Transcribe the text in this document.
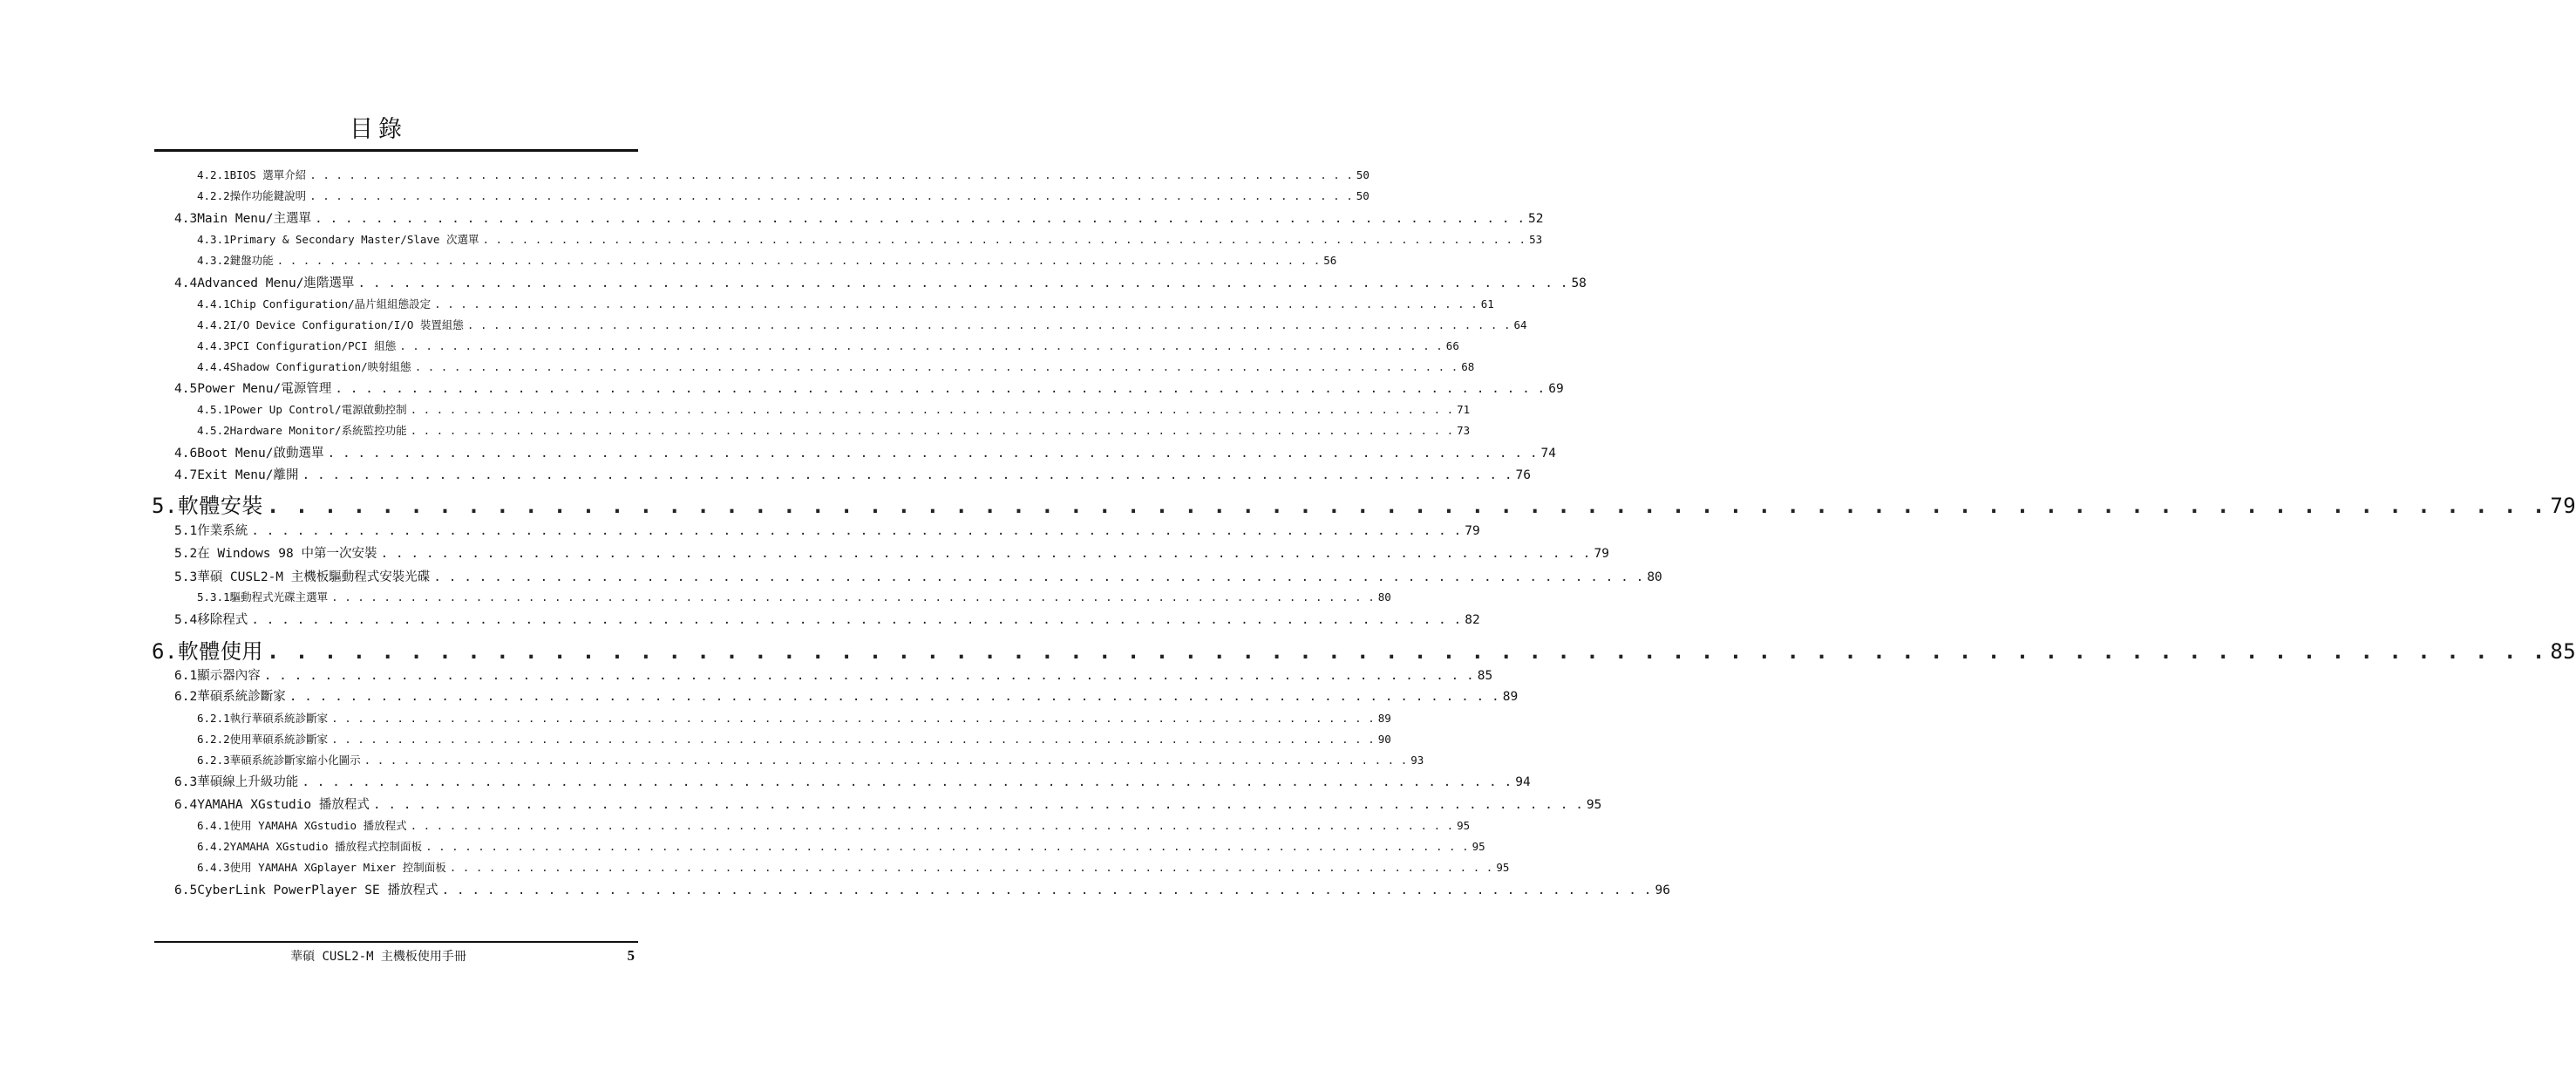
目錄
4.2.1 BIOS 選單介紹 . . . . . . . . . . . . . . . . . . . . . . . . . . . . . . . . . . . . . . . . . . . . . . . . . . . . . . . . . . . . . . . . . . . . . . . . . . . . . . . . 50
4.2.2 操作功能鍵說明 . . . . . . . . . . . . . . . . . . . . . . . . . . . . . . . . . . . . . . . . . . . . . . . . . . . . . . . . . . . . . . . . . . . . . . . . . . . . . . . . 50
4.3 Main Menu/主選單 . . . . . . . . . . . . . . . . . . . . . . . . . . . . . . . . . . . . . . . . . . . . . . . . . . . . . . . . . . . . . . . . . . . . . . . . . . . . . . . . 52
4.3.1 Primary & Secondary Master/Slave 次選單 . . . . . . . . . . . . . . . . . . . . . . . . . . . . . . . . . . . . . . . . . . . . . . . . . . . . . . . . . . . . . . . . . . . . . . . . . . . . . . . . 53
4.3.2 鍵盤功能 . . . . . . . . . . . . . . . . . . . . . . . . . . . . . . . . . . . . . . . . . . . . . . . . . . . . . . . . . . . . . . . . . . . . . . . . . . . . . . . . 56
4.4 Advanced Menu/進階選單 . . . . . . . . . . . . . . . . . . . . . . . . . . . . . . . . . . . . . . . . . . . . . . . . . . . . . . . . . . . . . . . . . . . . . . . . . . . . . . . . 58
4.4.1 Chip Configuration/晶片組組態設定 . . . . . . . . . . . . . . . . . . . . . . . . . . . . . . . . . . . . . . . . . . . . . . . . . . . . . . . . . . . . . . . . . . . . . . . . . . . . . . . . 61
4.4.2 I/O Device Configuration/I/O 裝置組態 . . . . . . . . . . . . . . . . . . . . . . . . . . . . . . . . . . . . . . . . . . . . . . . . . . . . . . . . . . . . . . . . . . . . . . . . . . . . . . . . 64
4.4.3 PCI Configuration/PCI 組態 . . . . . . . . . . . . . . . . . . . . . . . . . . . . . . . . . . . . . . . . . . . . . . . . . . . . . . . . . . . . . . . . . . . . . . . . . . . . . . . . 66
4.4.4 Shadow Configuration/映射組態 . . . . . . . . . . . . . . . . . . . . . . . . . . . . . . . . . . . . . . . . . . . . . . . . . . . . . . . . . . . . . . . . . . . . . . . . . . . . . . . . 68
4.5 Power Menu/電源管理 . . . . . . . . . . . . . . . . . . . . . . . . . . . . . . . . . . . . . . . . . . . . . . . . . . . . . . . . . . . . . . . . . . . . . . . . . . . . . . . . 69
4.5.1 Power Up Control/電源啟動控制 . . . . . . . . . . . . . . . . . . . . . . . . . . . . . . . . . . . . . . . . . . . . . . . . . . . . . . . . . . . . . . . . . . . . . . . . . . . . . . . . 71
4.5.2 Hardware Monitor/系統監控功能 . . . . . . . . . . . . . . . . . . . . . . . . . . . . . . . . . . . . . . . . . . . . . . . . . . . . . . . . . . . . . . . . . . . . . . . . . . . . . . . . 73
4.6 Boot Menu/啟動選單 . . . . . . . . . . . . . . . . . . . . . . . . . . . . . . . . . . . . . . . . . . . . . . . . . . . . . . . . . . . . . . . . . . . . . . . . . . . . . . . . 74
4.7 Exit Menu/離開 . . . . . . . . . . . . . . . . . . . . . . . . . . . . . . . . . . . . . . . . . . . . . . . . . . . . . . . . . . . . . . . . . . . . . . . . . . . . . . . . 76
5. 軟體安裝 . . . . . . . . . . . . . . . . . . . . . . . . . . . . . . . . . . . . . . . . . . . . . . . . . . . . . . . . . . . . . . . . . . . . . . . . . . . . . . . . 79
5.1 作業系統 . . . . . . . . . . . . . . . . . . . . . . . . . . . . . . . . . . . . . . . . . . . . . . . . . . . . . . . . . . . . . . . . . . . . . . . . . . . . . . . . 79
5.2 在 Windows 98 中第一次安裝 . . . . . . . . . . . . . . . . . . . . . . . . . . . . . . . . . . . . . . . . . . . . . . . . . . . . . . . . . . . . . . . . . . . . . . . . . . . . . . . . 79
5.3 華碩 CUSL2-M 主機板驅動程式安裝光碟 . . . . . . . . . . . . . . . . . . . . . . . . . . . . . . . . . . . . . . . . . . . . . . . . . . . . . . . . . . . . . . . . . . . . . . . . . . . . . . . . 80
5.3.1 驅動程式光碟主選單 . . . . . . . . . . . . . . . . . . . . . . . . . . . . . . . . . . . . . . . . . . . . . . . . . . . . . . . . . . . . . . . . . . . . . . . . . . . . . . . . 80
5.4 移除程式 . . . . . . . . . . . . . . . . . . . . . . . . . . . . . . . . . . . . . . . . . . . . . . . . . . . . . . . . . . . . . . . . . . . . . . . . . . . . . . . . 82
6. 軟體使用 . . . . . . . . . . . . . . . . . . . . . . . . . . . . . . . . . . . . . . . . . . . . . . . . . . . . . . . . . . . . . . . . . . . . . . . . . . . . . . . . 85
6.1 顯示器內容 . . . . . . . . . . . . . . . . . . . . . . . . . . . . . . . . . . . . . . . . . . . . . . . . . . . . . . . . . . . . . . . . . . . . . . . . . . . . . . . . 85
6.2 華碩系統診斷家 . . . . . . . . . . . . . . . . . . . . . . . . . . . . . . . . . . . . . . . . . . . . . . . . . . . . . . . . . . . . . . . . . . . . . . . . . . . . . . . . 89
6.2.1 執行華碩系統診斷家 . . . . . . . . . . . . . . . . . . . . . . . . . . . . . . . . . . . . . . . . . . . . . . . . . . . . . . . . . . . . . . . . . . . . . . . . . . . . . . . . 89
6.2.2 使用華碩系統診斷家 . . . . . . . . . . . . . . . . . . . . . . . . . . . . . . . . . . . . . . . . . . . . . . . . . . . . . . . . . . . . . . . . . . . . . . . . . . . . . . . . 90
6.2.3 華碩系統診斷家縮小化圖示 . . . . . . . . . . . . . . . . . . . . . . . . . . . . . . . . . . . . . . . . . . . . . . . . . . . . . . . . . . . . . . . . . . . . . . . . . . . . . . . . 93
6.3 華碩線上升級功能 . . . . . . . . . . . . . . . . . . . . . . . . . . . . . . . . . . . . . . . . . . . . . . . . . . . . . . . . . . . . . . . . . . . . . . . . . . . . . . . . 94
6.4 YAMAHA XGstudio 播放程式 . . . . . . . . . . . . . . . . . . . . . . . . . . . . . . . . . . . . . . . . . . . . . . . . . . . . . . . . . . . . . . . . . . . . . . . . . . . . . . . . 95
6.4.1 使用 YAMAHA XGstudio 播放程式 . . . . . . . . . . . . . . . . . . . . . . . . . . . . . . . . . . . . . . . . . . . . . . . . . . . . . . . . . . . . . . . . . . . . . . . . . . . . . . . . 95
6.4.2 YAMAHA XGstudio 播放程式控制面板 . . . . . . . . . . . . . . . . . . . . . . . . . . . . . . . . . . . . . . . . . . . . . . . . . . . . . . . . . . . . . . . . . . . . . . . . . . . . . . . . 95
6.4.3 使用 YAMAHA XGplayer Mixer 控制面板 . . . . . . . . . . . . . . . . . . . . . . . . . . . . . . . . . . . . . . . . . . . . . . . . . . . . . . . . . . . . . . . . . . . . . . . . . . . . . . . . 95
6.5 CyberLink PowerPlayer SE 播放程式 . . . . . . . . . . . . . . . . . . . . . . . . . . . . . . . . . . . . . . . . . . . . . . . . . . . . . . . . . . . . . . . . . . . . . . . . . . . . . . . . 96
華碩 CUSL2-M 主機板使用手冊	5
